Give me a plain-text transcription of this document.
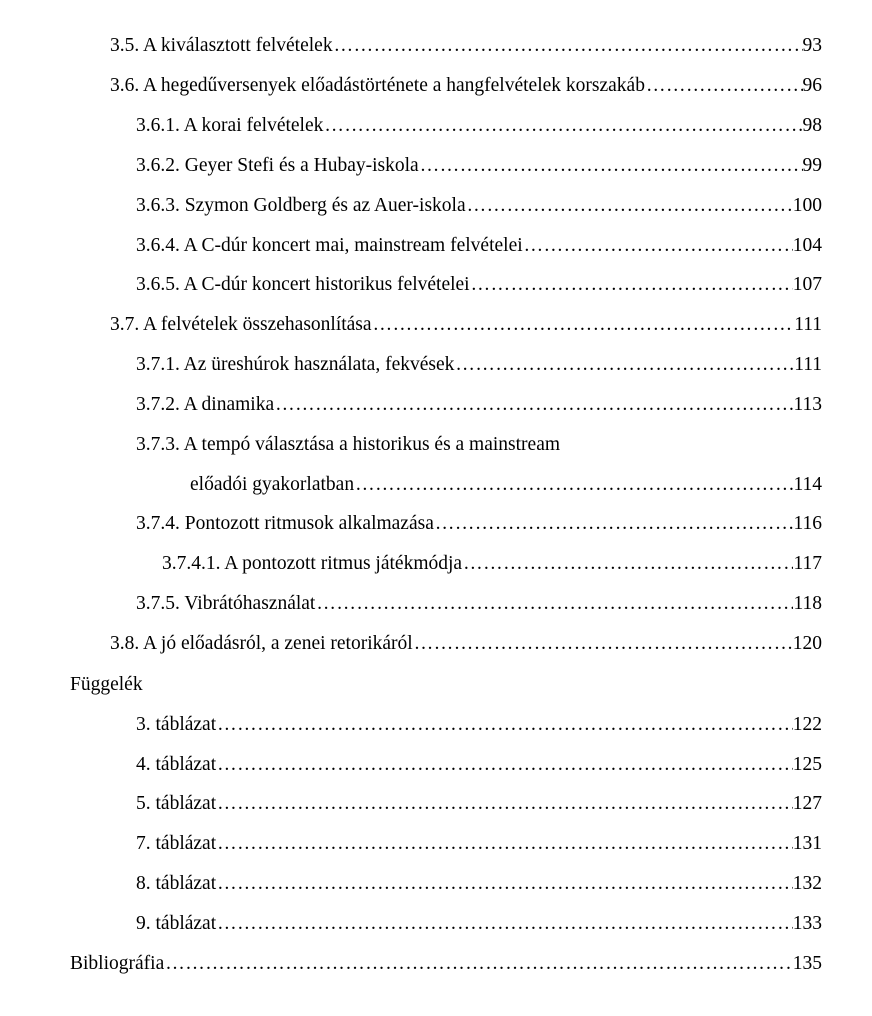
3.5. A kiválasztott felvételek ……………………………………………………………………………………………………………………………………………………………	93
3.6. A hegedűversenyek előadástörténete a hangfelvételek korszakáb ……………………………………………………………………………………………………………………………………………………………	96
3.6.1. A korai felvételek ……………………………………………………………………………………………………………………………………………………………	98
3.6.2. Geyer Stefi és a Hubay-iskola ……………………………………………………………………………………………………………………………………………………………	99
3.6.3. Szymon Goldberg és az Auer-iskola ……………………………………………………………………………………………………………………………………………………………	100
3.6.4. A C-dúr koncert mai, mainstream felvételei ……………………………………………………………………………………………………………………………………………………………	104
3.6.5. A C-dúr koncert historikus felvételei ……………………………………………………………………………………………………………………………………………………………	107
3.7. A felvételek összehasonlítása ……………………………………………………………………………………………………………………………………………………………	111
3.7.1. Az üreshúrok használata, fekvések ……………………………………………………………………………………………………………………………………………………………	111
3.7.2. A dinamika ……………………………………………………………………………………………………………………………………………………………	113
3.7.3. A tempó választása a historikus és a mainstream
előadói gyakorlatban ……………………………………………………………………………………………………………………………………………………………	114
3.7.4. Pontozott ritmusok alkalmazása ……………………………………………………………………………………………………………………………………………………………	116
3.7.4.1. A pontozott ritmus játékmódja ……………………………………………………………………………………………………………………………………………………………	117
3.7.5. Vibrátóhasználat ……………………………………………………………………………………………………………………………………………………………	118
3.8. A jó előadásról, a zenei retorikáról ……………………………………………………………………………………………………………………………………………………………	120
Függelék
3. táblázat ……………………………………………………………………………………………………………………………………………………………	122
4. táblázat ……………………………………………………………………………………………………………………………………………………………	125
5. táblázat ……………………………………………………………………………………………………………………………………………………………	127
7. táblázat ……………………………………………………………………………………………………………………………………………………………	131
8. táblázat ……………………………………………………………………………………………………………………………………………………………	132
9. táblázat ……………………………………………………………………………………………………………………………………………………………	133
Bibliográfia ……………………………………………………………………………………………………………………………………………………………	135
